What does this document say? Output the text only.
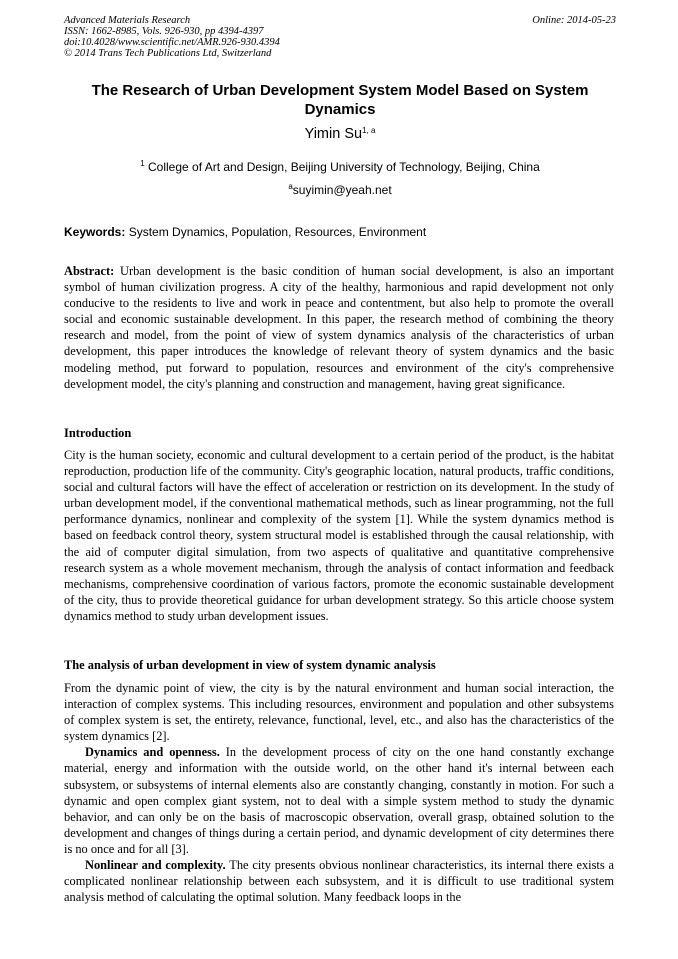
Advanced Materials Research
ISSN: 1662-8985, Vols. 926-930, pp 4394-4397
doi:10.4028/www.scientific.net/AMR.926-930.4394
© 2014 Trans Tech Publications Ltd, Switzerland
Online: 2014-05-23
The Research of Urban Development System Model Based on System Dynamics
Yimin Su$^{1, a}$
$^1$ College of Art and Design, Beijing University of Technology, Beijing, China
$^a$suyimin@yeah.net
Keywords: System Dynamics, Population, Resources, Environment

Abstract: Urban development is the basic condition of human social development, is also an important symbol of human civilization progress. A city of the healthy, harmonious and rapid development not only conducive to the residents to live and work in peace and contentment, but also help to promote the overall social and economic sustainable development. In this paper, the research method of combining the theory research and model, from the point of view of system dynamics analysis of the characteristics of urban development, this paper introduces the knowledge of relevant theory of system dynamics and the basic modeling method, put forward to population, resources and environment of the city's comprehensive development model, the city's planning and construction and management, having great significance.

Introduction

City is the human society, economic and cultural development to a certain period of the product, is the habitat reproduction, production life of the community. City's geographic location, natural products, traffic conditions, social and cultural factors will have the effect of acceleration or restriction on its development. In the study of urban development model, if the conventional mathematical methods, such as linear programming, not the full performance dynamics, nonlinear and complexity of the system [1]. While the system dynamics method is based on feedback control theory, system structural model is established through the causal relationship, with the aid of computer digital simulation, from two aspects of qualitative and quantitative comprehensive research system as a whole movement mechanism, through the analysis of contact information and feedback mechanisms, comprehensive coordination of various factors, promote the economic sustainable development of the city, thus to provide theoretical guidance for urban development strategy. So this article choose system dynamics method to study urban development issues.

The analysis of urban development in view of system dynamic analysis

From the dynamic point of view, the city is by the natural environment and human social interaction, the interaction of complex systems. This including resources, environment and population and other subsystems of complex system is set, the entirety, relevance, functional, level, etc., and also has the characteristics of the system dynamics [2].

Dynamics and openness. In the development process of city on the one hand constantly exchange material, energy and information with the outside world, on the other hand it's internal between each subsystem, or subsystems of internal elements also are constantly changing, constantly in motion. For such a dynamic and open complex giant system, not to deal with a simple system method to study the dynamic behavior, and can only be on the basis of macroscopic observation, overall grasp, obtained solution to the development and changes of things during a certain period, and dynamic development of city determines there is no once and for all [3].

Nonlinear and complexity. The city presents obvious nonlinear characteristics, its internal there exists a complicated nonlinear relationship between each subsystem, and it is difficult to use traditional system analysis method of calculating the optimal solution. Many feedback loops in the
